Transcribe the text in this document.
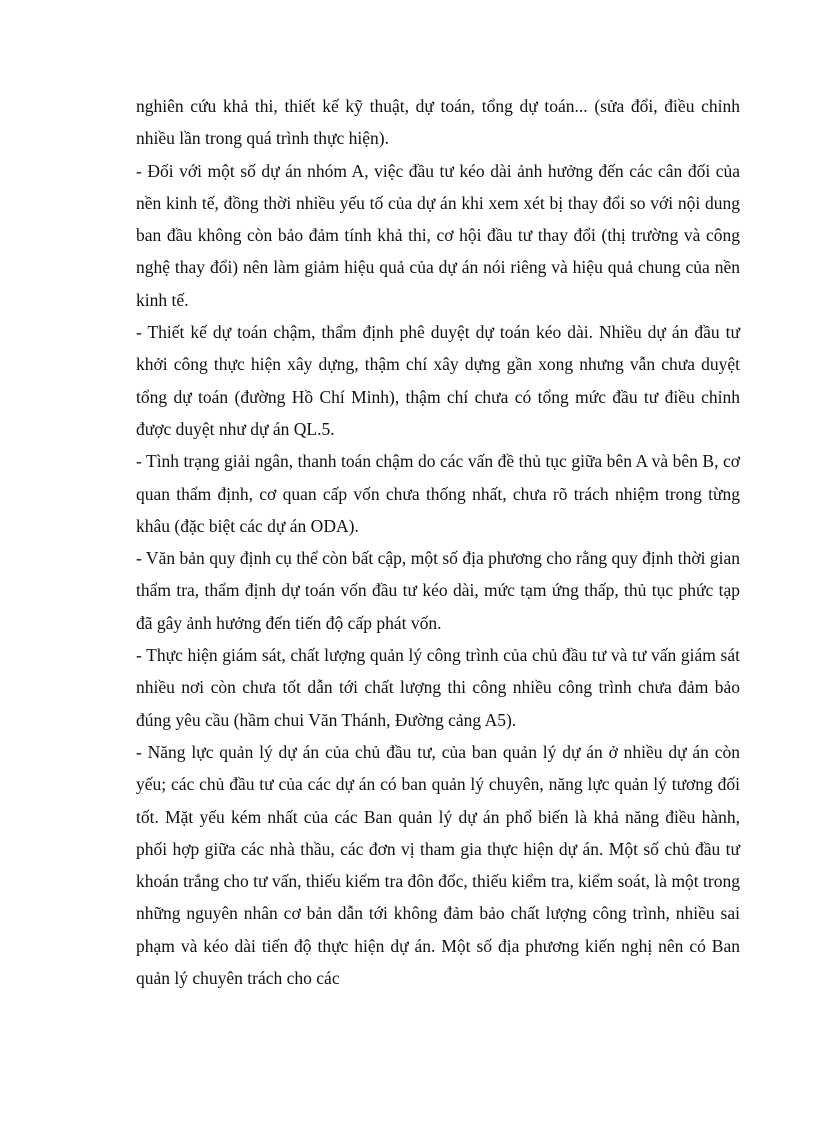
nghiên cứu khả thi, thiết kế kỹ thuật, dự toán, tổng dự toán... (sửa đổi, điều chỉnh nhiều lần trong quá trình thực hiện).

- Đối với một số dự án nhóm A, việc đầu tư kéo dài ảnh hưởng đến các cân đối của nền kinh tế, đồng thời nhiều yếu tố của dự án khi xem xét bị thay đổi so với nội dung ban đầu không còn bảo đảm tính khả thi, cơ hội đầu tư thay đổi (thị trường và công nghệ thay đổi) nên làm giảm hiệu quả của dự án nói riêng và hiệu quả chung của nền kinh tế.

- Thiết kế dự toán chậm, thẩm định phê duyệt dự toán kéo dài. Nhiều dự án đầu tư khởi công thực hiện xây dựng, thậm chí xây dựng gần xong nhưng vẫn chưa duyệt tổng dự toán (đường Hồ Chí Minh), thậm chí chưa có tổng mức đầu tư điều chỉnh được duyệt như dự án QL.5.

- Tình trạng giải ngân, thanh toán chậm do các vấn đề thủ tục giữa bên A và bên B, cơ quan thẩm định, cơ quan cấp vốn chưa thống nhất, chưa rõ trách nhiệm trong từng khâu (đặc biệt các dự án ODA).

- Văn bản quy định cụ thể còn bất cập, một số địa phương cho rằng quy định thời gian thẩm tra, thẩm định dự toán vốn đầu tư kéo dài, mức tạm ứng thấp, thủ tục phức tạp đã gây ảnh hưởng đến tiến độ cấp phát vốn.

- Thực hiện giám sát, chất lượng quản lý công trình của chủ đầu tư và tư vấn giám sát nhiều nơi còn chưa tốt dẫn tới chất lượng thi công nhiều công trình chưa đảm bảo đúng yêu cầu (hầm chui Văn Thánh, Đường cảng A5).

- Năng lực quản lý dự án của chủ đầu tư, của ban quản lý dự án ở nhiều dự án còn yếu; các chủ đầu tư của các dự án có ban quản lý chuyên, năng lực quản lý tương đối tốt. Mặt yếu kém nhất của các Ban quản lý dự án phổ biến là khả năng điều hành, phối hợp giữa các nhà thầu, các đơn vị tham gia thực hiện dự án. Một số chủ đầu tư khoán trắng cho tư vấn, thiếu kiểm tra đôn đốc, thiếu kiểm tra, kiểm soát, là một trong những nguyên nhân cơ bản dẫn tới không đảm bảo chất lượng công trình, nhiều sai phạm và kéo dài tiến độ thực hiện dự án. Một số địa phương kiến nghị nên có Ban quản lý chuyên trách cho các
